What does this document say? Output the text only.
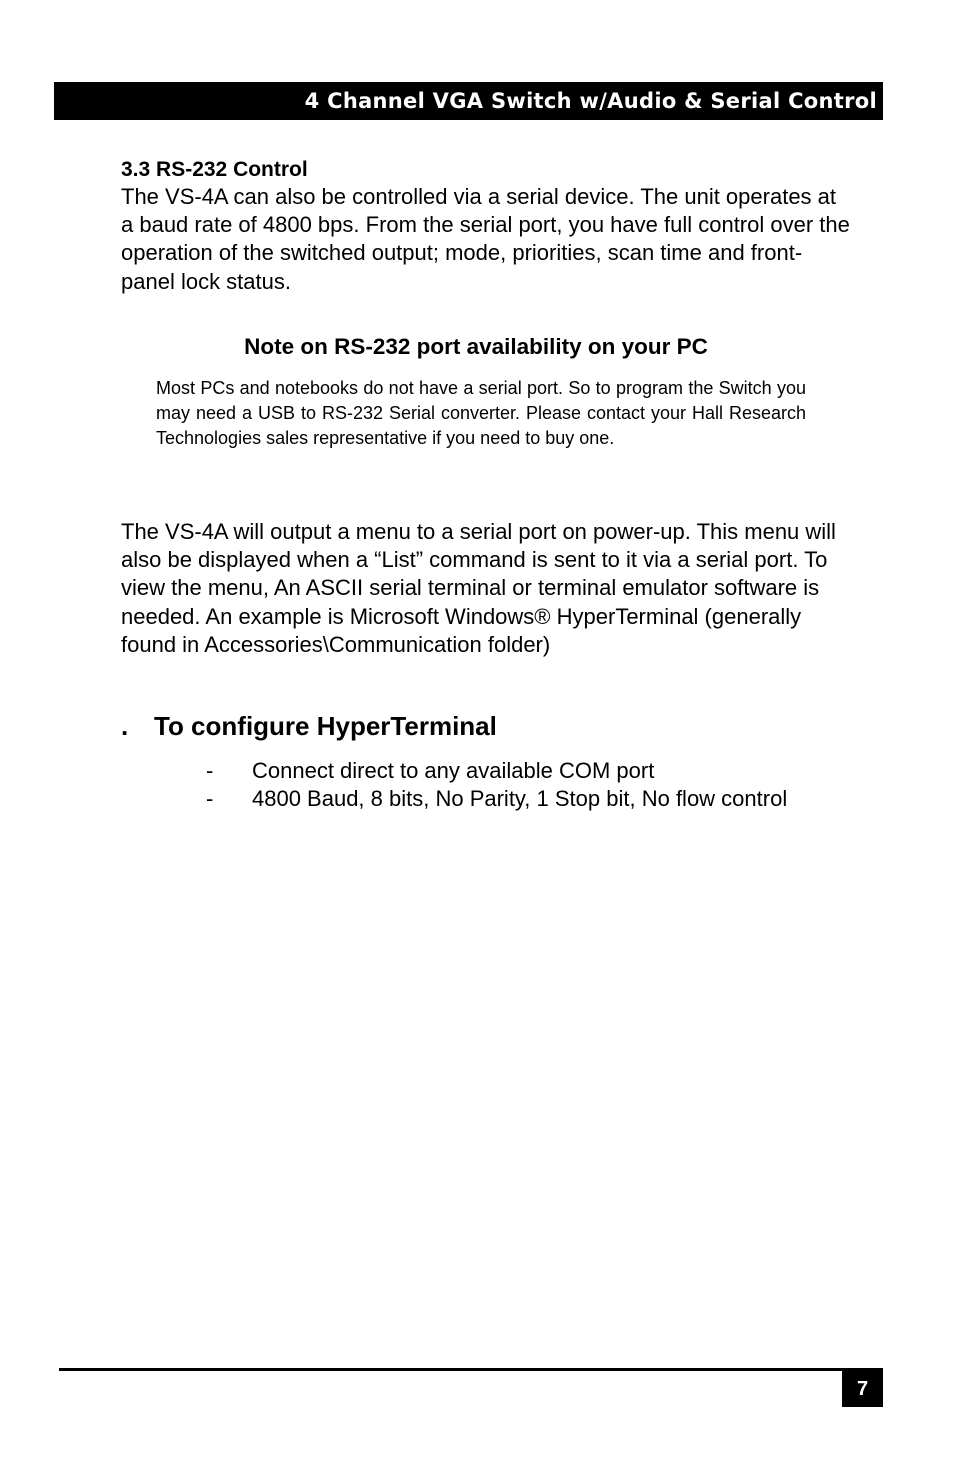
4 Channel VGA Switch w/Audio & Serial Control
3.3 RS-232 Control

The VS-4A can also be controlled via a serial device. The unit operates at a baud rate of 4800 bps. From the serial port, you have full control over the operation of the switched output; mode, priorities, scan time and front-panel lock status.

Note on RS-232 port availability on your PC

Most PCs and notebooks do not have a serial port. So to program the Switch you may need a USB to RS-232 Serial converter. Please contact your Hall Research Technologies sales representative if you need to buy one.

The VS-4A will output a menu to a serial port on power-up. This menu will also be displayed when a “List” command is sent to it via a serial port. To view the menu, An ASCII serial terminal or terminal emulator software is needed. An example is Microsoft Windows® HyperTerminal (generally found in Accessories\Communication folder)

. To configure HyperTerminal
-	Connect direct to any available COM port
-	4800 Baud, 8 bits, No Parity, 1 Stop bit, No flow control
7
